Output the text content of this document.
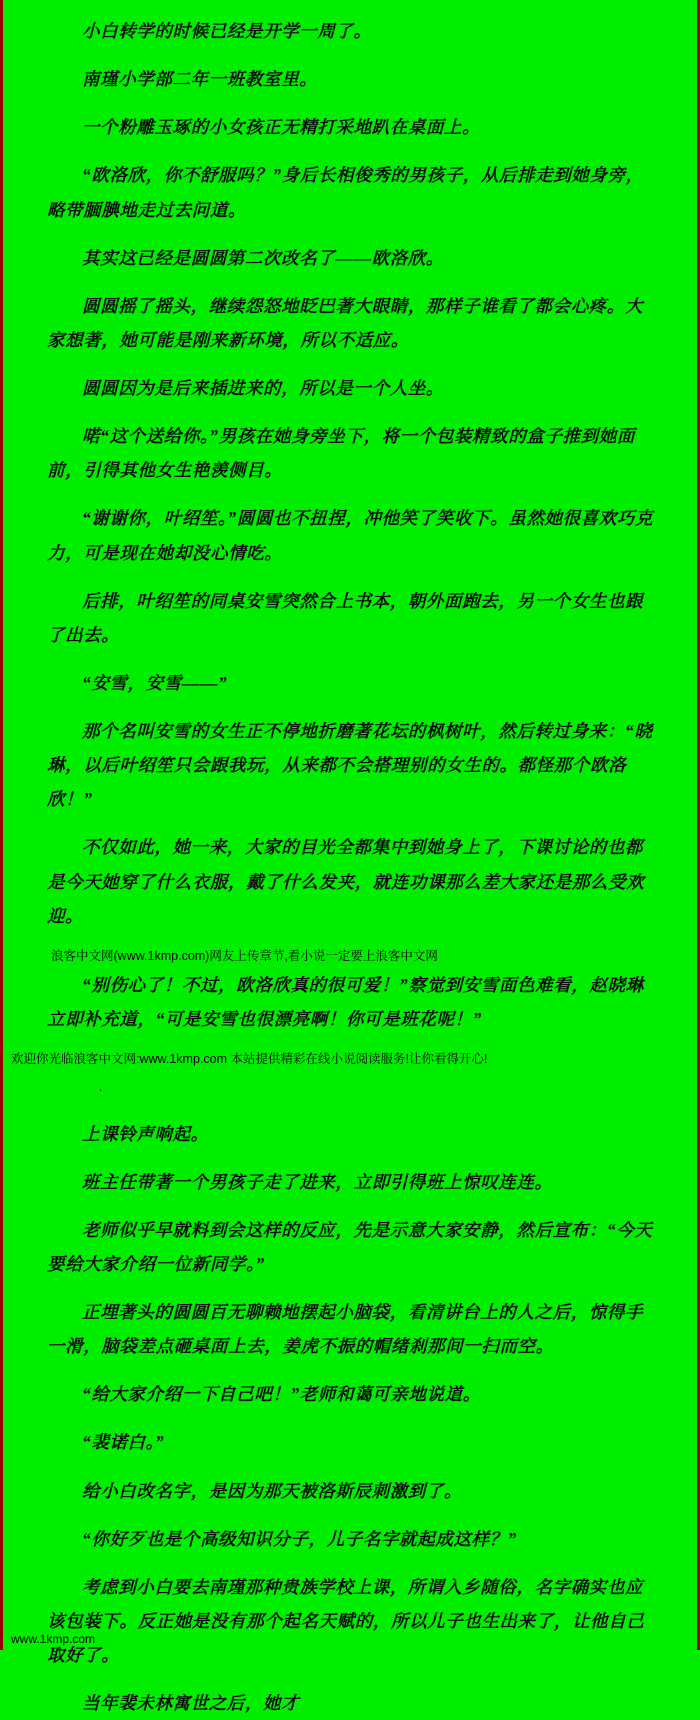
小白转学的时候已经是开学一周了。

南瑾小学部二年一班教室里。

一个粉雕玉琢的小女孩正无精打采地趴在桌面上。

“欧洛欣，你不舒服吗？”身后长相俊秀的男孩子，从后排走到她身旁，略带腼腆地走过去问道。

其实这已经是圆圆第二次改名了——欧洛欣。

圆圆摇了摇头，继续怨怒地眨巴著大眼睛，那样子谁看了都会心疼。大家想著，她可能是刚来新环境，所以不适应。

圆圆因为是后来插进来的，所以是一个人坐。

喏“这个送给你。”男孩在她身旁坐下，将一个包装精致的盒子推到她面前，引得其他女生艳羡侧目。

“谢谢你，叶绍笙。”圆圆也不扭捏，冲他笑了笑收下。虽然她很喜欢巧克力，可是现在她却没心情吃。

后排，叶绍笙的同桌安雪突然合上书本，朝外面跑去，另一个女生也跟了出去。

“安雪，安雪——”

那个名叫安雪的女生正不停地折磨著花坛的枫树叶，然后转过身来：“晓琳，以后叶绍笙只会跟我玩，从来都不会搭理别的女生的。都怪那个欧洛欣！”

不仅如此，她一来，大家的目光全都集中到她身上了，下课讨论的也都是今天她穿了什么衣服，戴了什么发夹，就连功课那么差大家还是那么受欢迎。

浪客中文网(www.1kmp.com)网友上传章节,看小说一定要上浪客中文网

“别伤心了！不过，欧洛欣真的很可爱！”察觉到安雪面色难看，赵晓琳立即补充道，“可是安雪也很漂亮啊！你可是班花呢！”

欢迎你光临浪客中文网:www.1kmp.com 本站提供精彩在线小说阅读服务!让你看得开心!
.

上课铃声响起。

班主任带著一个男孩子走了进来，立即引得班上惊叹连连。

老师似乎早就料到会这样的反应，先是示意大家安静，然后宣布：“今天要给大家介绍一位新同学。”

正埋著头的圆圆百无聊赖地摆起小脑袋，看清讲台上的人之后，惊得手一滑，脑袋差点砸桌面上去，姜虎不振的帽绪刹那间一扫而空。

“给大家介绍一下自己吧！”老师和蔼可亲地说道。

“裴诺白。”

给小白改名字，是因为那天被洛斯辰刺激到了。

“你好歹也是个高级知识分子，儿子名字就起成这样？”

考虑到小白要去南瑾那种贵族学校上课，所谓入乡随俗，名字确实也应该包装下。反正她是没有那个起名天赋的，所以儿子也生出来了，让他自己取好了。

当年裴未林寓世之后，她才

www.1kmp.com
